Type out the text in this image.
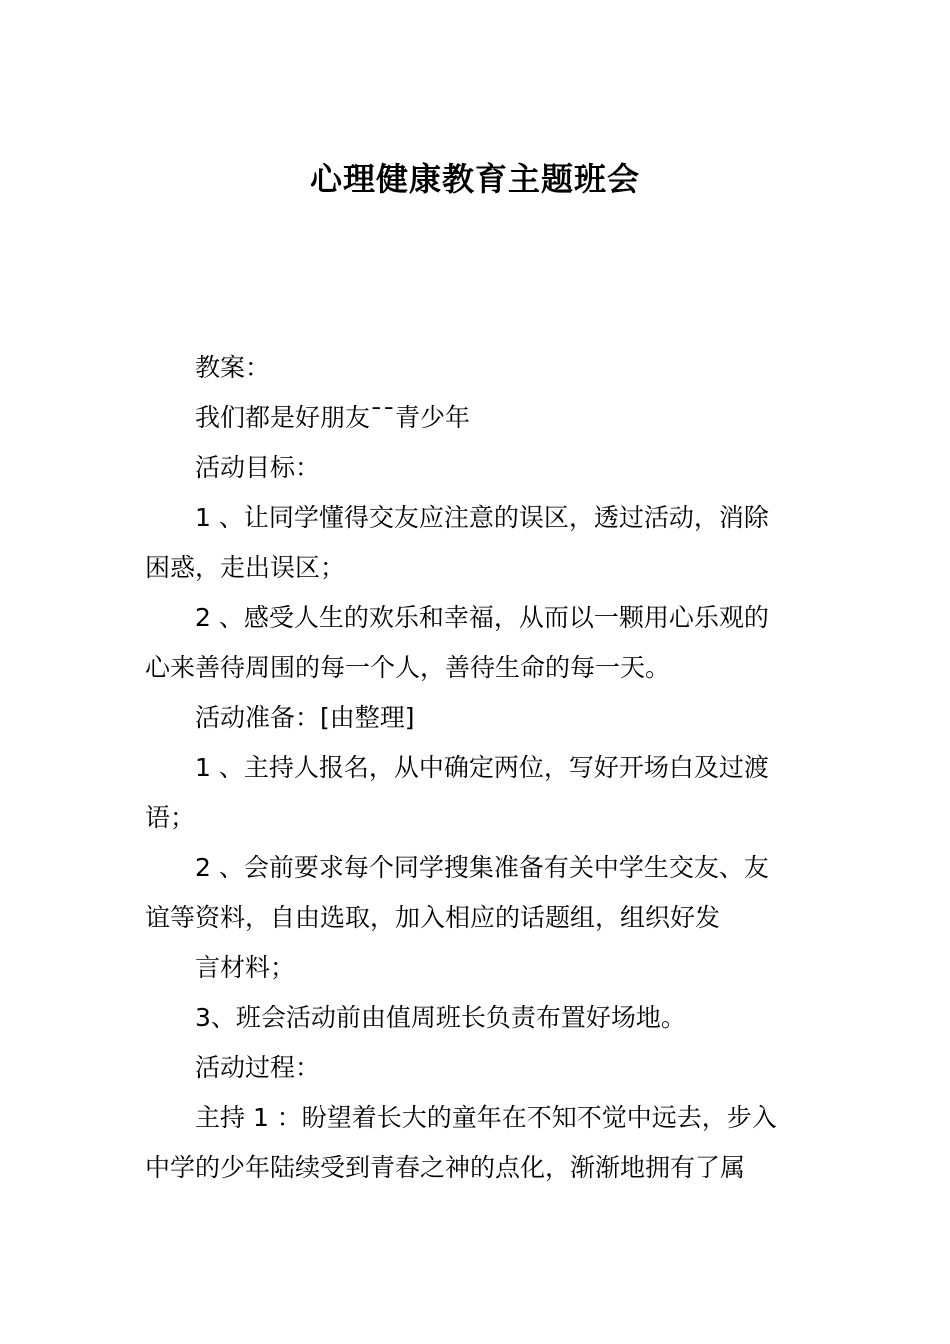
心理健康教育主题班会
教案：
我们都是好朋友¯¯青少年
活动目标：
1 、让同学懂得交友应注意的误区，透过活动，消除
困惑，走出误区；
2 、感受人生的欢乐和幸福，从而以一颗用心乐观的
心来善待周围的每一个人，善待生命的每一天。
活动准备：[由整理]
1 、主持人报名，从中确定两位，写好开场白及过渡
语；
2 、会前要求每个同学搜集准备有关中学生交友、友
谊等资料，自由选取，加入相应的话题组，组织好发
言材料；
3、班会活动前由值周班长负责布置好场地。
活动过程：
主持 1 ：盼望着长大的童年在不知不觉中远去，步入
中学的少年陆续受到青春之神的点化，渐渐地拥有了属
